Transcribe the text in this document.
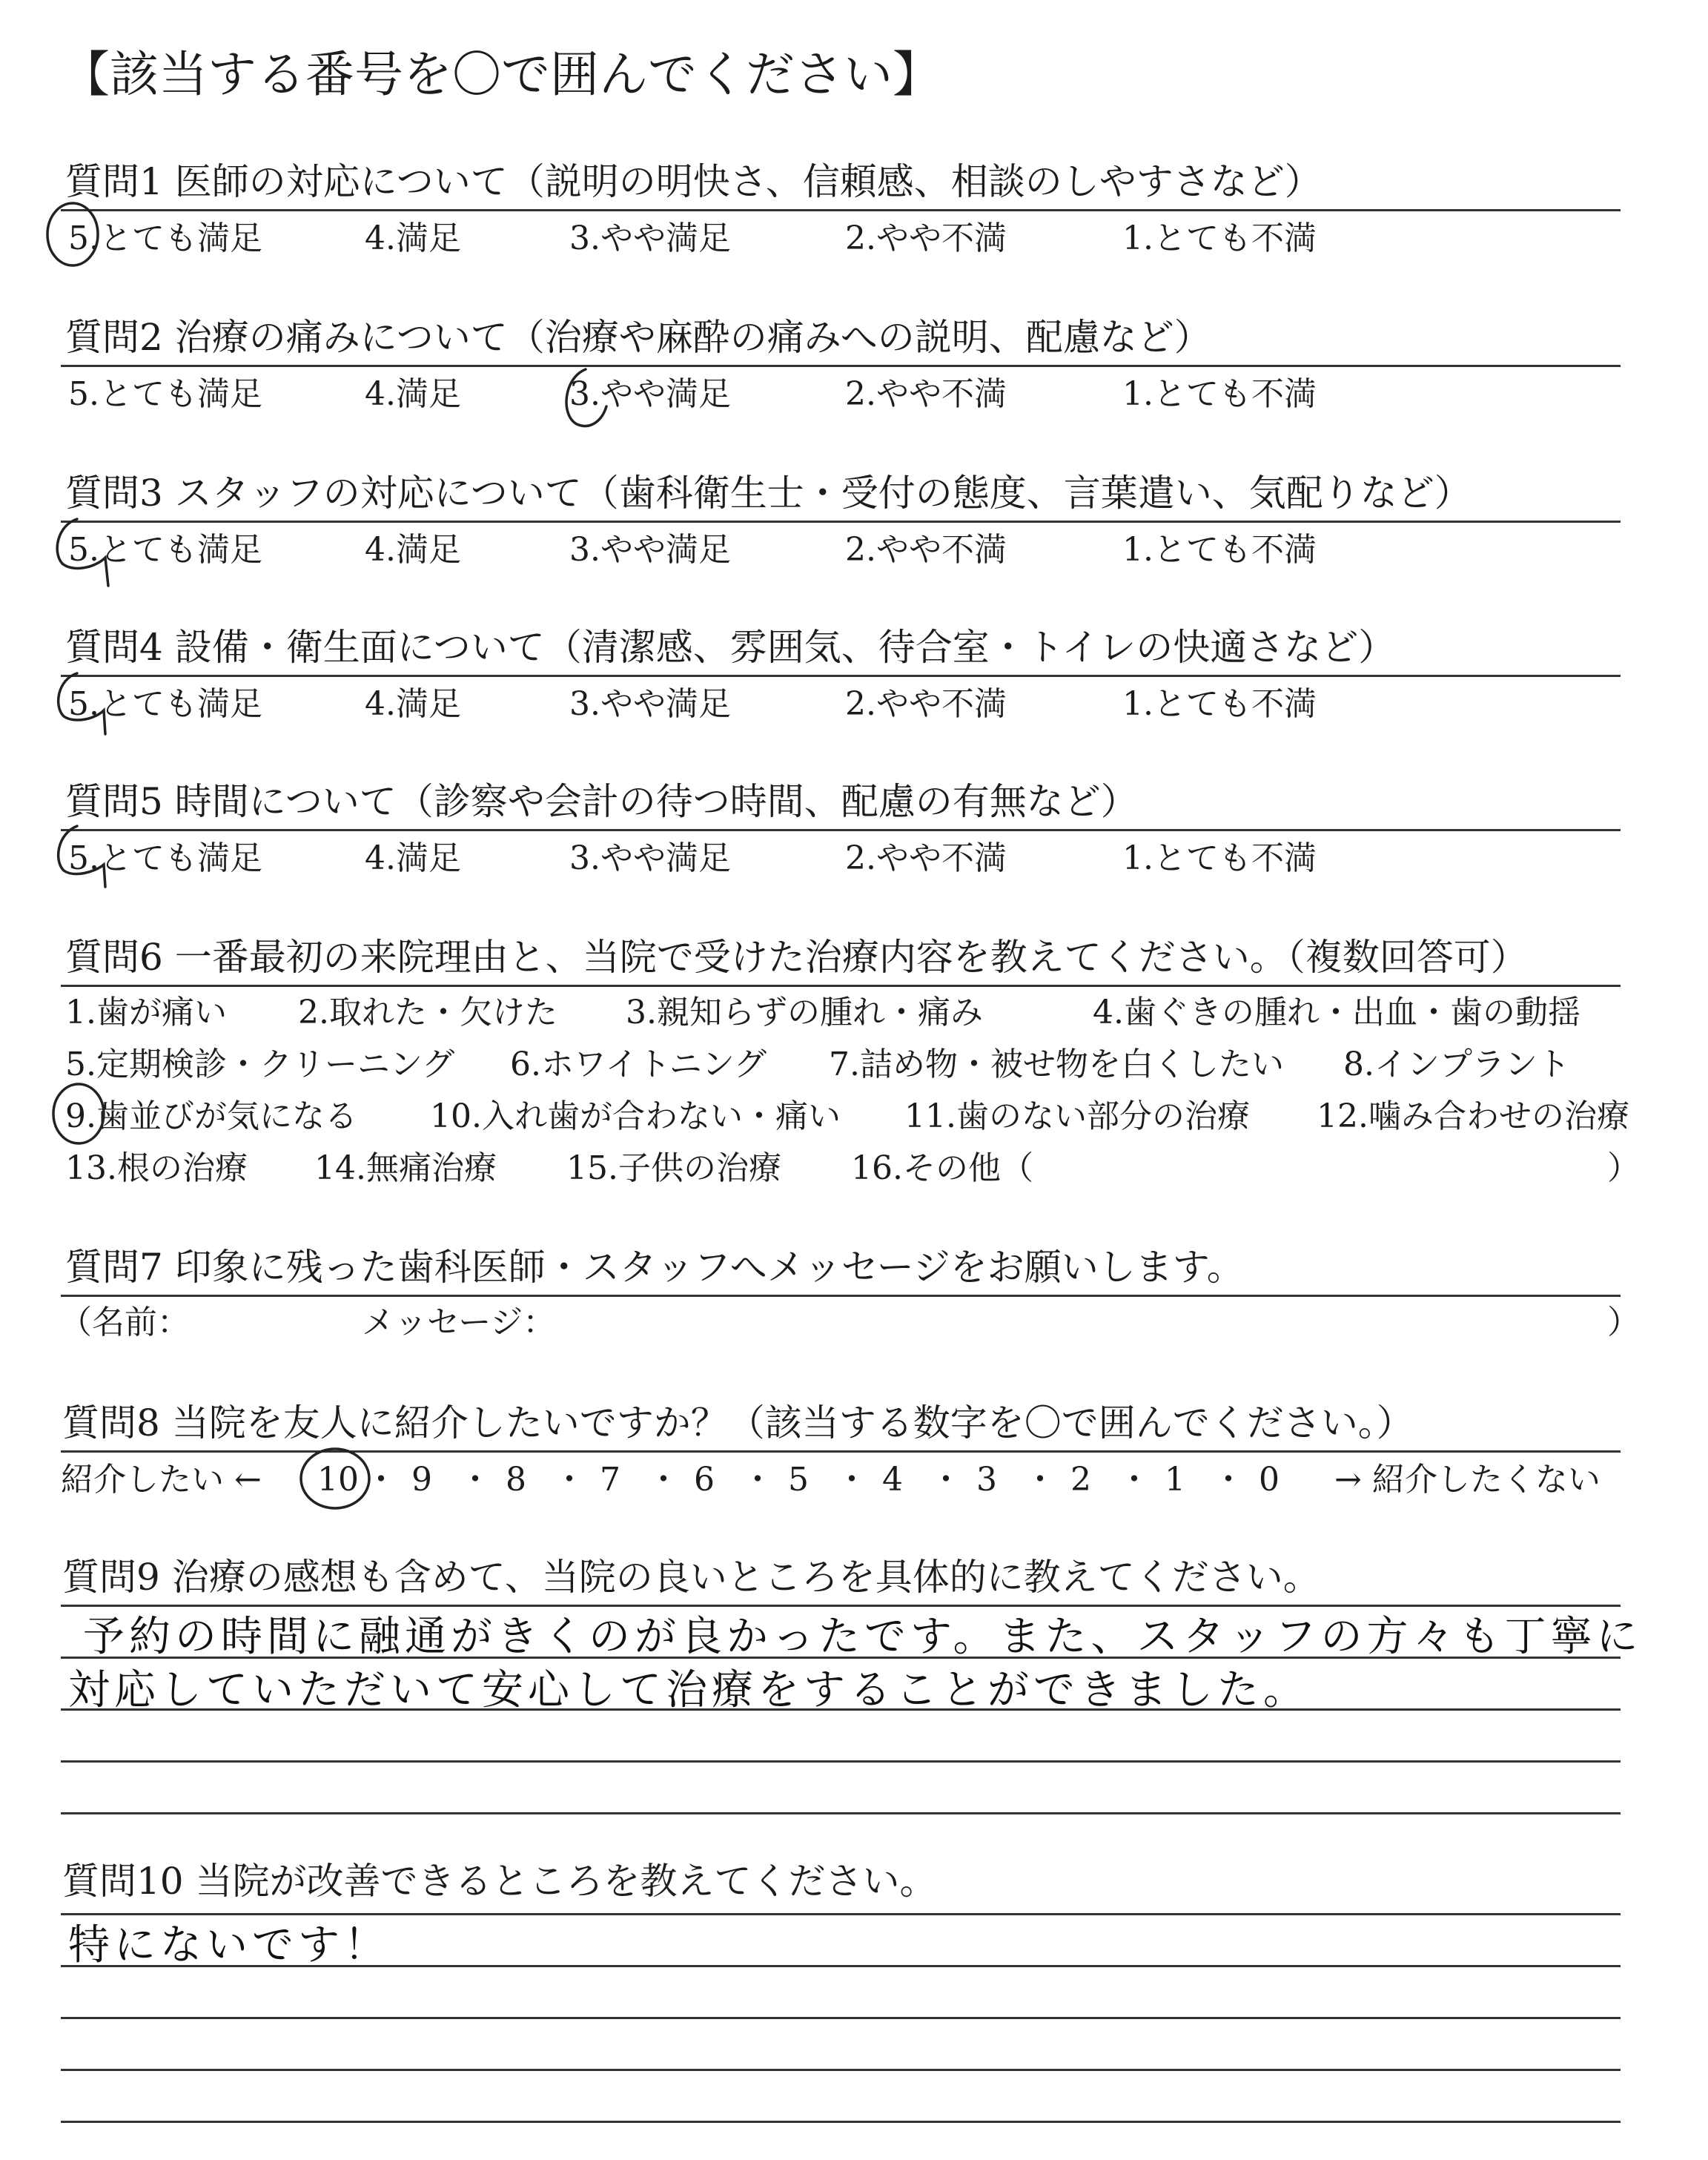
【該当する番号を〇で囲んでください】
質問1 医師の対応について（説明の明快さ、信頼感、相談のしやすさなど）
5.とても満足	4.満足	3.やや満足	2.やや不満	1.とても不満
質問2 治療の痛みについて（治療や麻酔の痛みへの説明、配慮など）
5.とても満足	4.満足	3.やや満足	2.やや不満	1.とても不満
質問3 スタッフの対応について（歯科衛生士・受付の態度、言葉遣い、気配りなど）
5.とても満足	4.満足	3.やや満足	2.やや不満	1.とても不満
質問4 設備・衛生面について（清潔感、雰囲気、待合室・トイレの快適さなど）
5.とても満足	4.満足	3.やや満足	2.やや不満	1.とても不満
質問5 時間について（診察や会計の待つ時間、配慮の有無など）
5.とても満足	4.満足	3.やや満足	2.やや不満	1.とても不満
質問6 一番最初の来院理由と、当院で受けた治療内容を教えてください。（複数回答可）
1.歯が痛い 2.取れた・欠けた 3.親知らずの腫れ・痛み	4.歯ぐきの腫れ・出血・歯の動揺
5.定期検診・クリーニング 6.ホワイトニング 7.詰め物・被せ物を白くしたい 8.インプラント
9.歯並びが気になる 10.入れ歯が合わない・痛い 11.歯のない部分の治療 12.噛み合わせの治療
13.根の治療 14.無痛治療 15.子供の治療 16.その他（	）
質問7 印象に残った歯科医師・スタッフへメッセージをお願いします。
（名前：	メッセージ：	）
質問8 当院を友人に紹介したいですか？（該当する数字を〇で囲んでください。）
紹介したい ←	→ 紹介したくない
10 ・ 9 ・ 8 ・ 7 ・ 6 ・ 5 ・ 4 ・ 3 ・ 2 ・ 1 ・ 0
質問9 治療の感想も含めて、当院の良いところを具体的に教えてください。
予約の時間に融通がきくのが良かったです。また、スタッフの方々も丁寧に
対応していただいて安心して治療をすることができました。
質問10 当院が改善できるところを教えてください。
特にないです！
